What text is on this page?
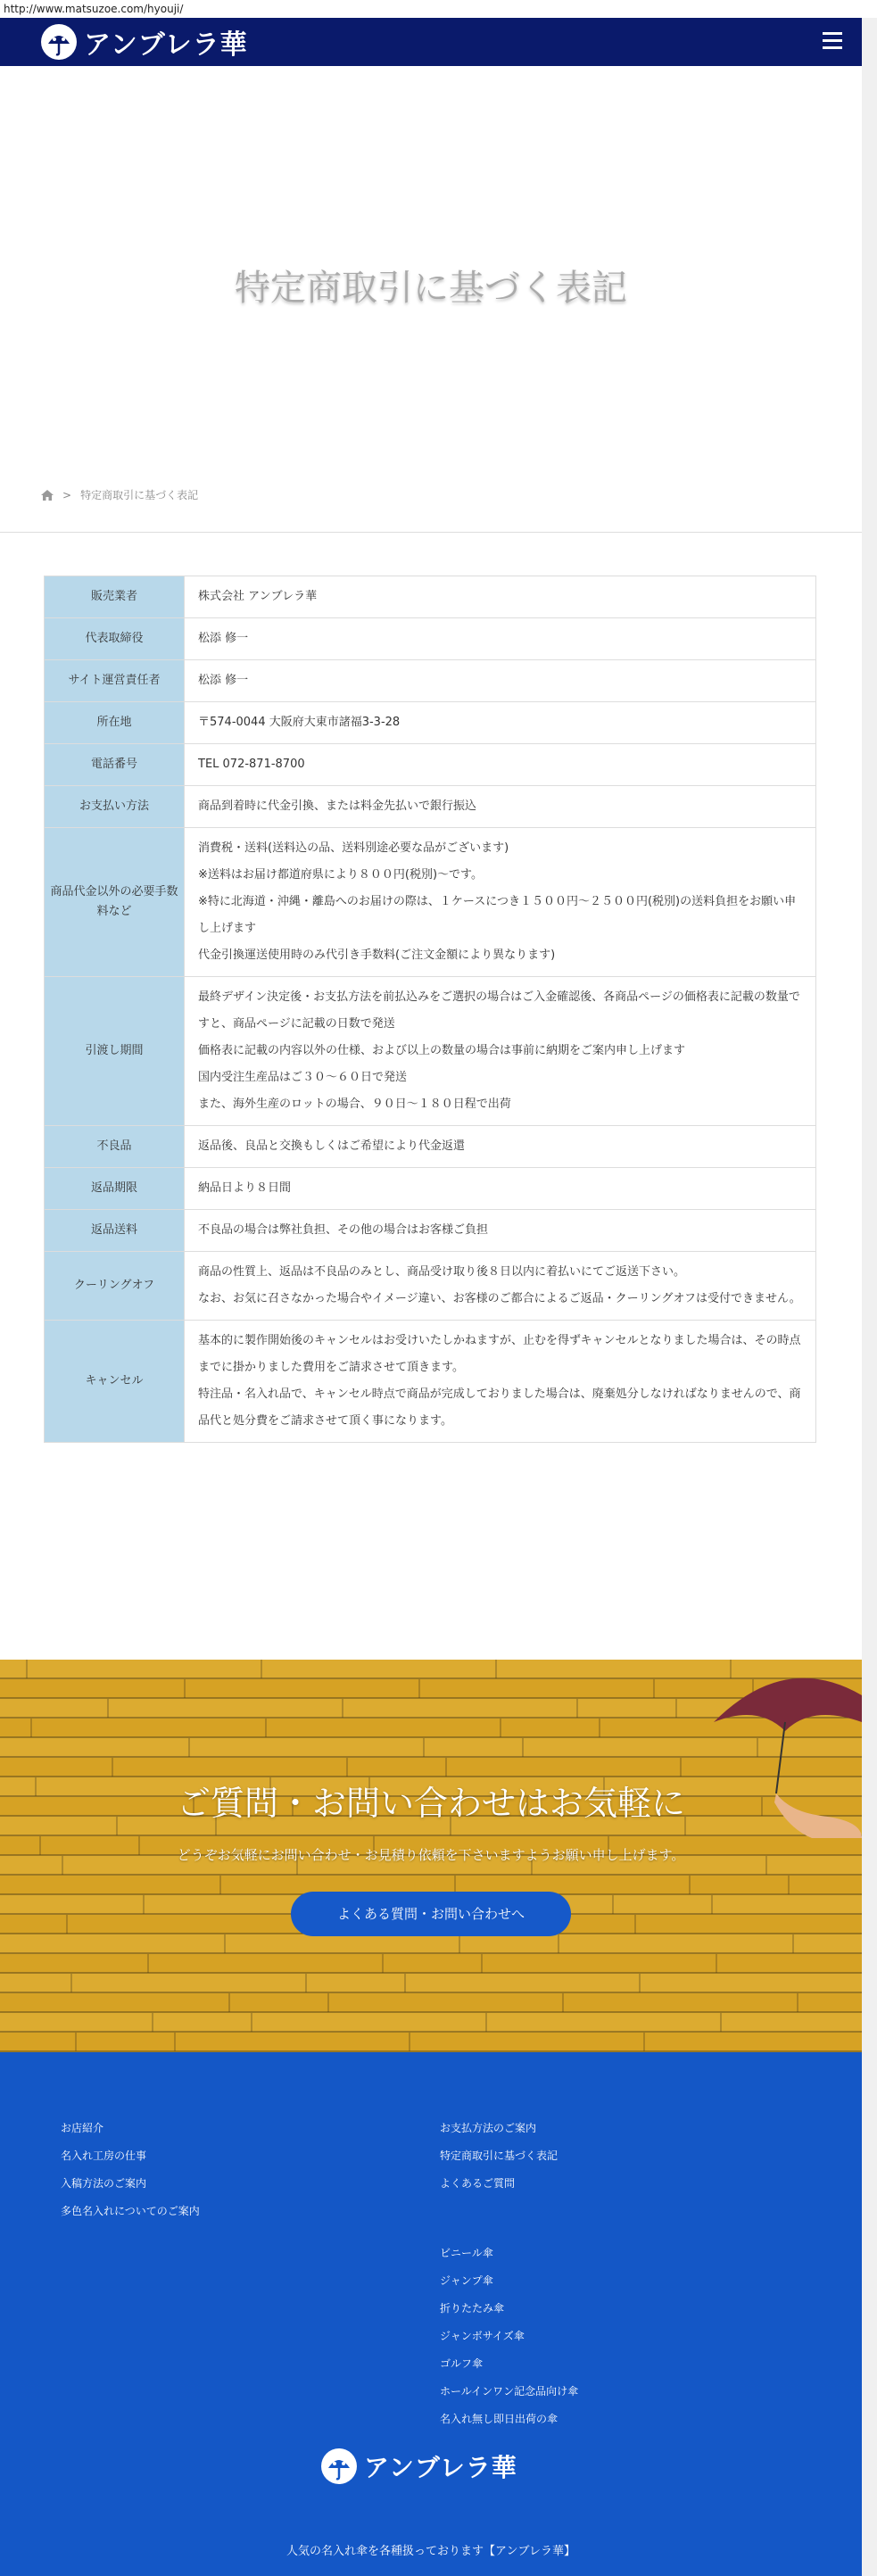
http://www.matsuzoe.com/hyouji/
アンブレラ華
特定商取引に基づく表記
> 特定商取引に基づく表記
販売業者	株式会社 アンブレラ華

代表取締役	松添 修一

サイト運営責任者	松添 修一

所在地	〒574-0044 大阪府大東市諸福3-3-28

電話番号	TEL 072-871-8700

お支払い方法	商品到着時に代金引換、または料金先払いで銀行振込

商品代金以外の必要手数料など	消費税・送料(送料込の品、送料別途必要な品がございます)
※送料はお届け都道府県により８００円(税別)〜です。
※特に北海道・沖縄・離島へのお届けの際は、１ケースにつき１５００円〜２５００円(税別)の送料負担をお願い申し上げます
代金引換運送使用時のみ代引き手数料(ご注文金額により異なります)

引渡し期間	最終デザイン決定後・お支払方法を前払込みをご選択の場合はご入金確認後、各商品ページの価格表に記載の数量ですと、商品ページに記載の日数で発送
価格表に記載の内容以外の仕様、および以上の数量の場合は事前に納期をご案内申し上げます
国内受注生産品はご３０〜６０日で発送
また、海外生産のロットの場合、９０日〜１８０日程で出荷

不良品	返品後、良品と交換もしくはご希望により代金返還

返品期限	納品日より８日間

返品送料	不良品の場合は弊社負担、その他の場合はお客様ご負担

クーリングオフ	商品の性質上、返品は不良品のみとし、商品受け取り後８日以内に着払いにてご返送下さい。
なお、お気に召さなかった場合やイメージ違い、お客様のご都合によるご返品・クーリングオフは受付できません。

キャンセル	基本的に製作開始後のキャンセルはお受けいたしかねますが、止むを得ずキャンセルとなりました場合は、その時点までに掛かりました費用をご請求させて頂きます。
特注品・名入れ品で、キャンセル時点で商品が完成しておりました場合は、廃棄処分しなければなりませんので、商品代と処分費をご請求させて頂く事になります。
ご質問・お問い合わせはお気軽に
どうぞお気軽にお問い合わせ・お見積り依頼を下さいますようお願い申し上げます。
よくある質問・お問い合わせへ
お店紹介
名入れ工房の仕事
入稿方法のご案内
多色名入れについてのご案内
お支払方法のご案内
特定商取引に基づく表記
よくあるご質問
ビニール傘
ジャンプ傘
折りたたみ傘
ジャンボサイズ傘
ゴルフ傘
ホールインワン記念品向け傘
名入れ無し即日出荷の傘
アンブレラ華
人気の名入れ傘を各種扱っております【アンブレラ華】
